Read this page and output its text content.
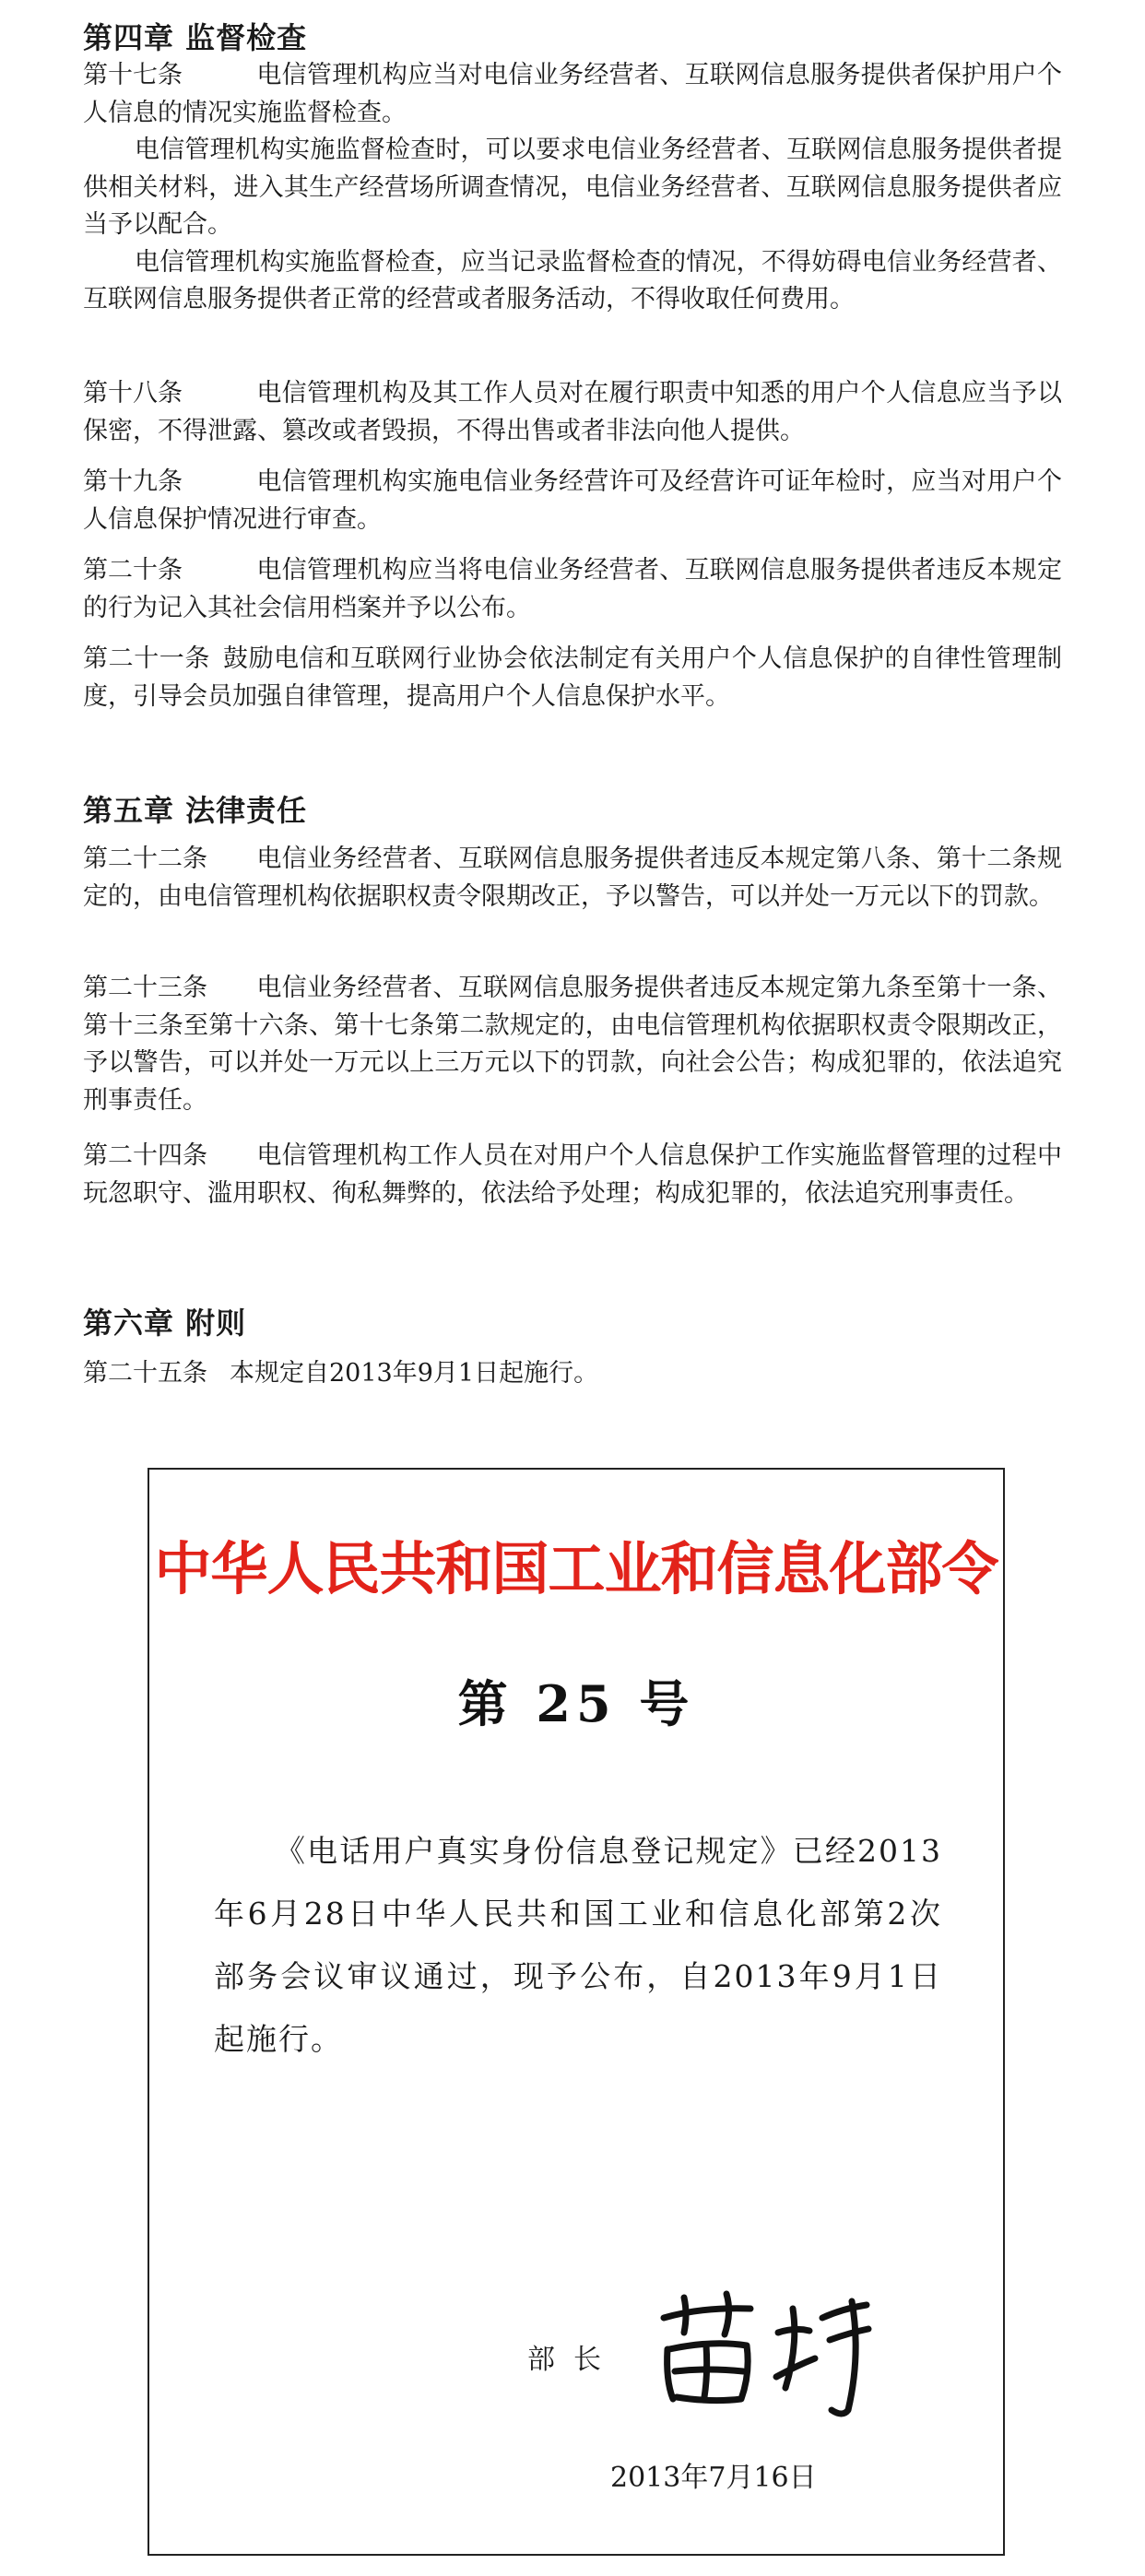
第四章 监督检查

第十七条	电信管理机构应当对电信业务经营者、互联网信息服务提供者保护用户个人信息的情况实施监督检查。

电信管理机构实施监督检查时，可以要求电信业务经营者、互联网信息服务提供者提供相关材料，进入其生产经营场所调查情况，电信业务经营者、互联网信息服务提供者应当予以配合。

电信管理机构实施监督检查，应当记录监督检查的情况，不得妨碍电信业务经营者、互联网信息服务提供者正常的经营或者服务活动，不得收取任何费用。

第十八条	电信管理机构及其工作人员对在履行职责中知悉的用户个人信息应当予以保密，不得泄露、篡改或者毁损，不得出售或者非法向他人提供。

第十九条	电信管理机构实施电信业务经营许可及经营许可证年检时，应当对用户个人信息保护情况进行审查。

第二十条	电信管理机构应当将电信业务经营者、互联网信息服务提供者违反本规定的行为记入其社会信用档案并予以公布。

第二十一条 鼓励电信和互联网行业协会依法制定有关用户个人信息保护的自律性管理制度，引导会员加强自律管理，提高用户个人信息保护水平。

第五章 法律责任

第二十二条 电信业务经营者、互联网信息服务提供者违反本规定第八条、第十二条规定的，由电信管理机构依据职权责令限期改正，予以警告，可以并处一万元以下的罚款。

第二十三条 电信业务经营者、互联网信息服务提供者违反本规定第九条至第十一条、第十三条至第十六条、第十七条第二款规定的，由电信管理机构依据职权责令限期改正，予以警告，可以并处一万元以上三万元以下的罚款，向社会公告；构成犯罪的，依法追究刑事责任。

第二十四条 电信管理机构工作人员在对用户个人信息保护工作实施监督管理的过程中玩忽职守、滥用职权、徇私舞弊的，依法给予处理；构成犯罪的，依法追究刑事责任。

第六章 附则

第二十五条 本规定自2013年9月1日起施行。

中华人民共和国工业和信息化部令
第 25 号

《电话用户真实身份信息登记规定》已经2013年6月28日中华人民共和国工业和信息化部第2次部务会议审议通过，现予公布，自2013年9月1日起施行。

部长
2013年7月16日
